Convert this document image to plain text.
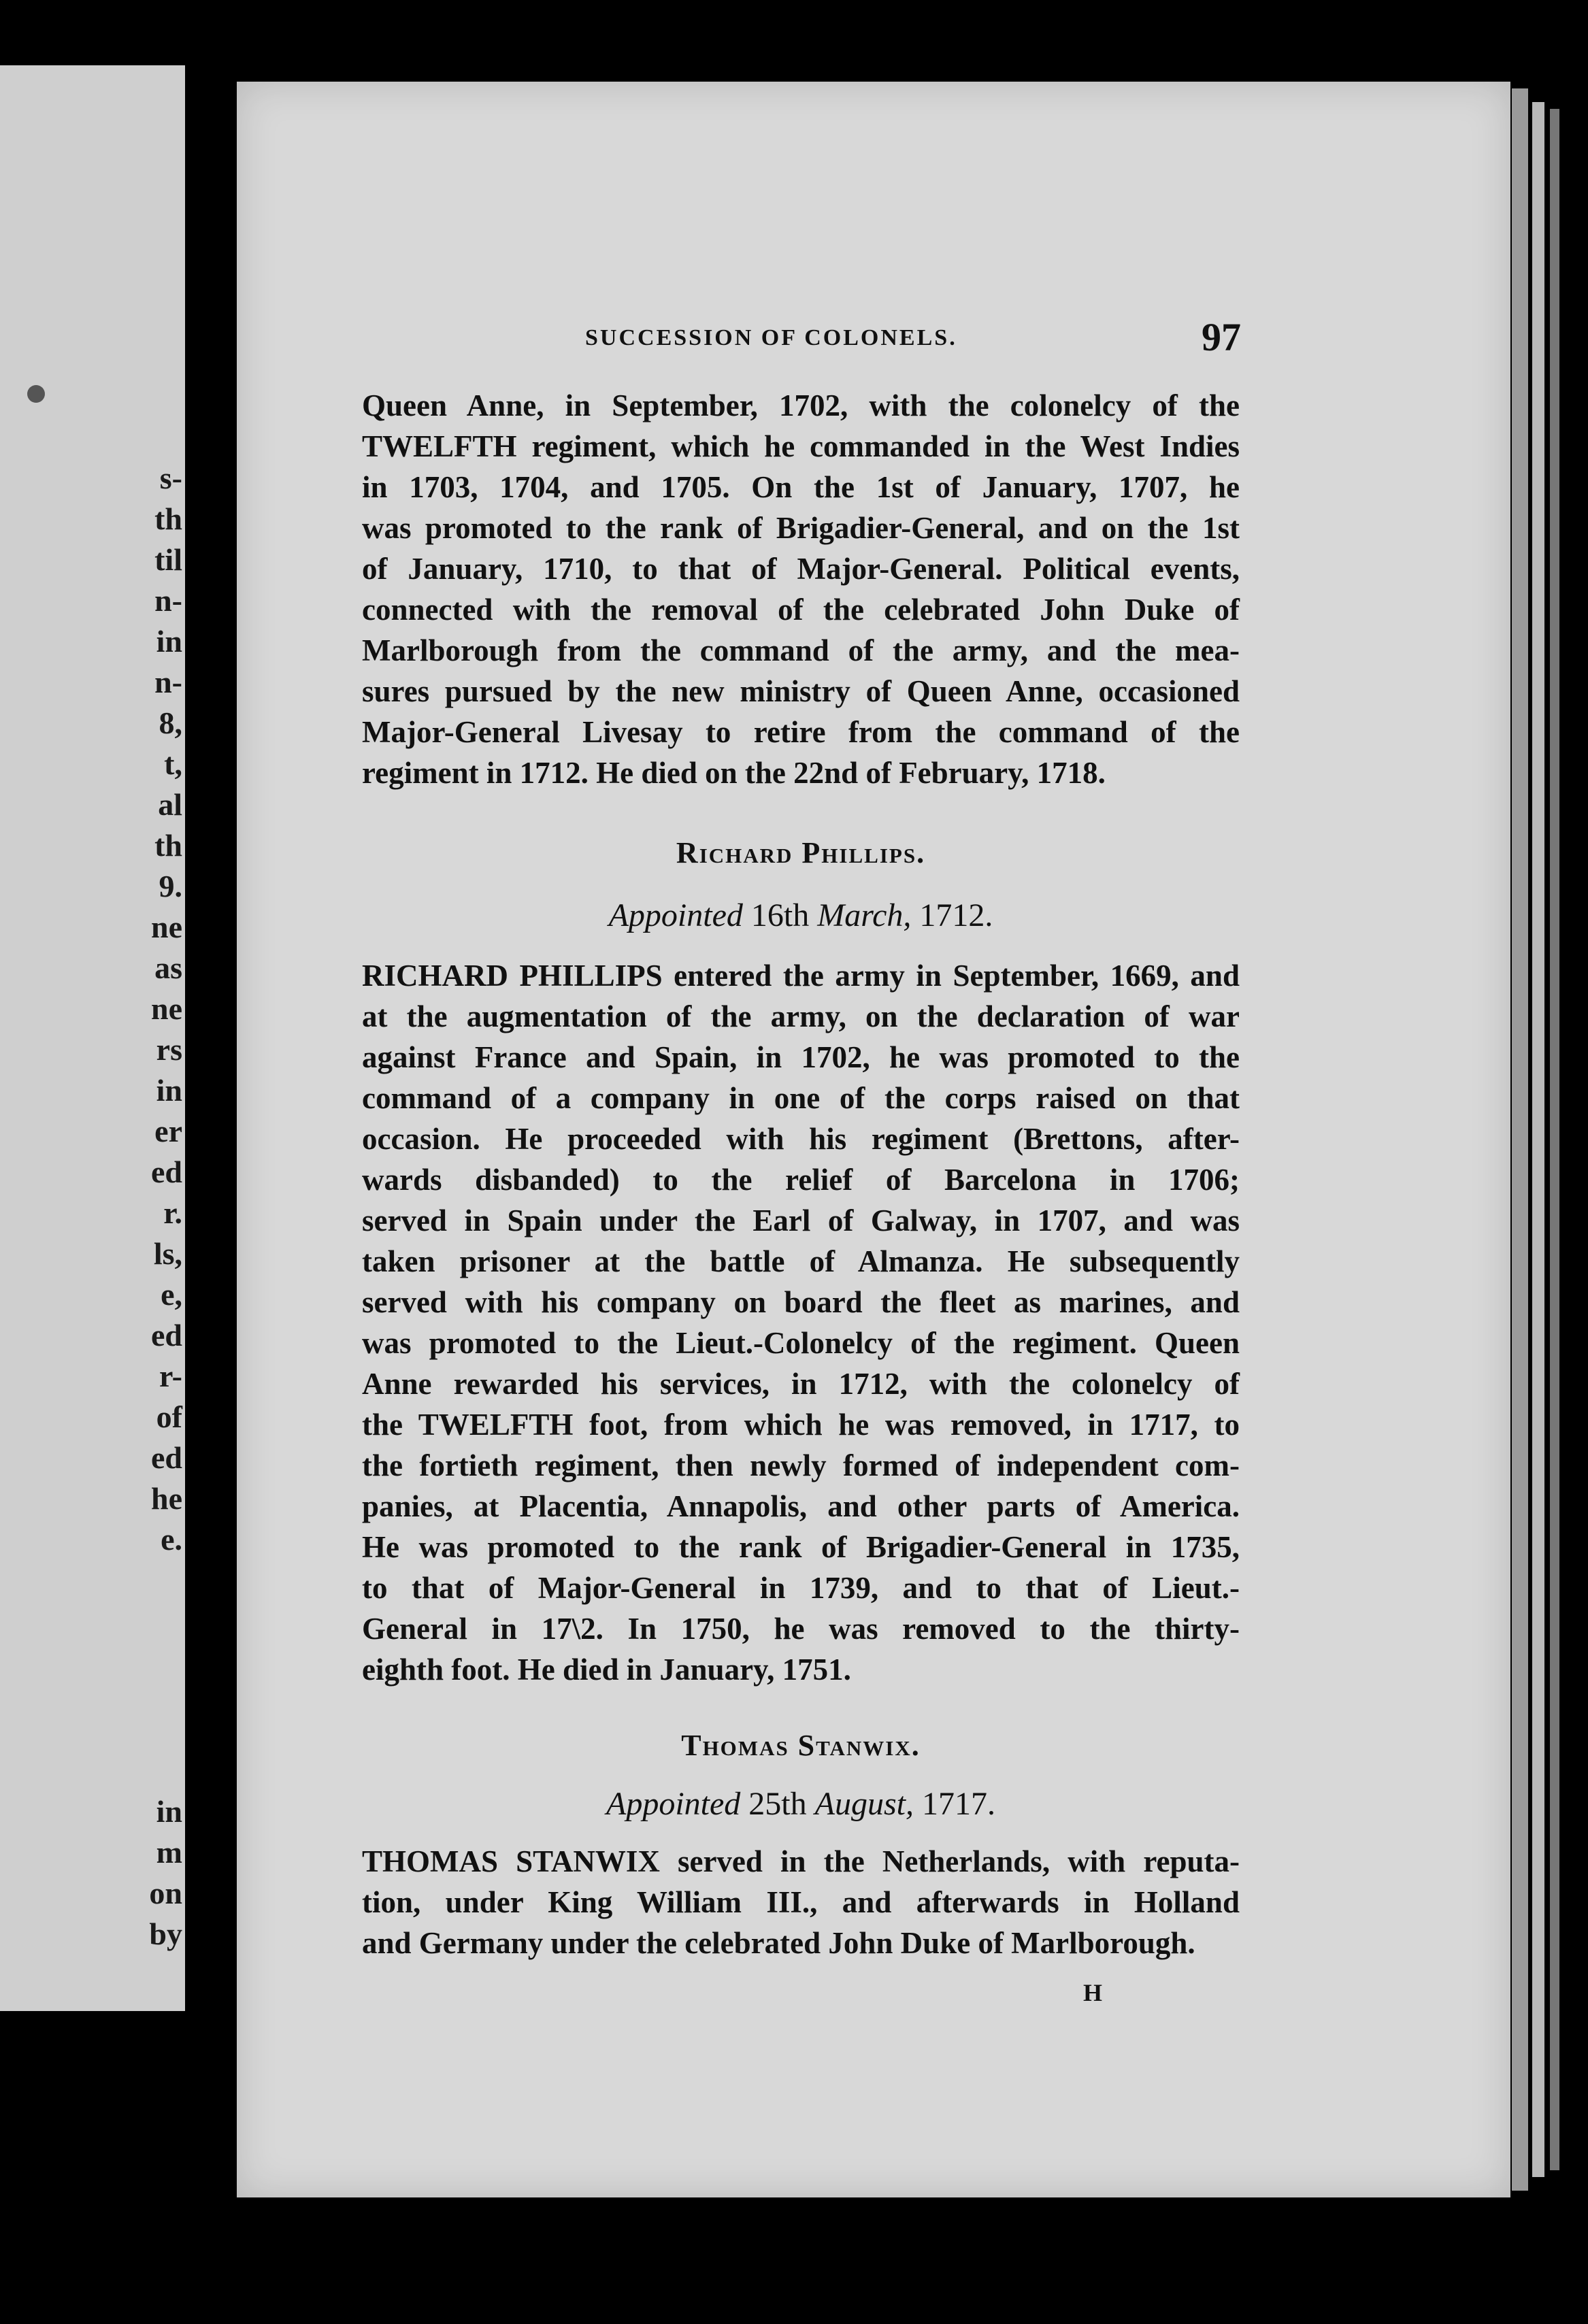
s-
th
til
n-
in
n-
8,
t,
al
th
9.
ne
as
ne
rs
in
er
ed
r.
ls,
e,
ed
r-
of
ed
he
e.
in
m
on
by
SUCCESSION OF COLONELS.	97
Queen Anne, in September, 1702, with the colonelcy of the
TWELFTH regiment, which he commanded in the West Indies
in 1703, 1704, and 1705. On the 1st of January, 1707, he
was promoted to the rank of Brigadier-General, and on the 1st
of January, 1710, to that of Major-General. Political events,
connected with the removal of the celebrated John Duke of
Marlborough from the command of the army, and the mea-
sures pursued by the new ministry of Queen Anne, occasioned
Major-General Livesay to retire from the command of the
regiment in 1712. He died on the 22nd of February, 1718.
Richard Phillips.
Appointed 16th March, 1712.
RICHARD PHILLIPS entered the army in September, 1669, and
at the augmentation of the army, on the declaration of war
against France and Spain, in 1702, he was promoted to the
command of a company in one of the corps raised on that
occasion. He proceeded with his regiment (Brettons, after-
wards disbanded) to the relief of Barcelona in 1706;
served in Spain under the Earl of Galway, in 1707, and was
taken prisoner at the battle of Almanza. He subsequently
served with his company on board the fleet as marines, and
was promoted to the Lieut.-Colonelcy of the regiment. Queen
Anne rewarded his services, in 1712, with the colonelcy of
the TWELFTH foot, from which he was removed, in 1717, to
the fortieth regiment, then newly formed of independent com-
panies, at Placentia, Annapolis, and other parts of America.
He was promoted to the rank of Brigadier-General in 1735,
to that of Major-General in 1739, and to that of Lieut.-
General in 17\2. In 1750, he was removed to the thirty-
eighth foot. He died in January, 1751.
Thomas Stanwix.
Appointed 25th August, 1717.
THOMAS STANWIX served in the Netherlands, with reputa-
tion, under King William III., and afterwards in Holland
and Germany under the celebrated John Duke of Marlborough.
H
